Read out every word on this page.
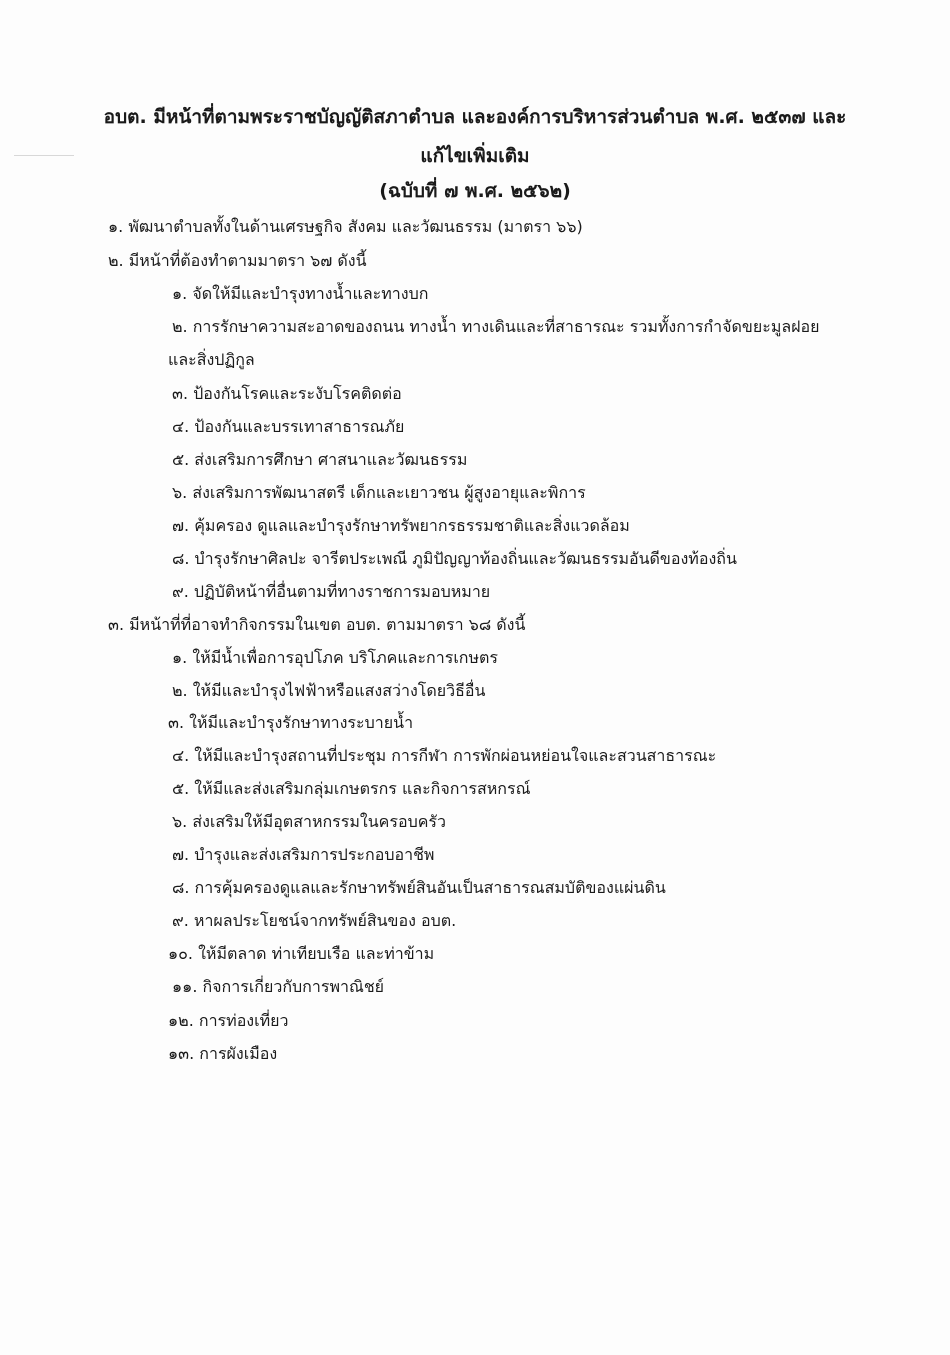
อบต. มีหน้าที่ตามพระราชบัญญัติสภาตำบล และองค์การบริหารส่วนตำบล พ.ศ. ๒๕๓๗ และ
แก้ไขเพิ่มเติม
(ฉบับที่ ๗ พ.ศ. ๒๕๖๒)
๑. พัฒนาตำบลทั้งในด้านเศรษฐกิจ สังคม และวัฒนธรรม (มาตรา ๖๖)
๒. มีหน้าที่ต้องทำตามมาตรา ๖๗ ดังนี้
๑. จัดให้มีและบำรุงทางน้ำและทางบก
๒. การรักษาความสะอาดของถนน ทางน้ำ ทางเดินและที่สาธารณะ รวมทั้งการกำจัดขยะมูลฝอย
และสิ่งปฏิกูล
๓. ป้องกันโรคและระงับโรคติดต่อ
๔. ป้องกันและบรรเทาสาธารณภัย
๕. ส่งเสริมการศึกษา ศาสนาและวัฒนธรรม
๖. ส่งเสริมการพัฒนาสตรี เด็กและเยาวชน ผู้สูงอายุและพิการ
๗. คุ้มครอง ดูแลและบำรุงรักษาทรัพยากรธรรมชาติและสิ่งแวดล้อม
๘. บำรุงรักษาศิลปะ จารีตประเพณี ภูมิปัญญาท้องถิ่นและวัฒนธรรมอันดีของท้องถิ่น
๙. ปฏิบัติหน้าที่อื่นตามที่ทางราชการมอบหมาย
๓. มีหน้าที่ที่อาจทำกิจกรรมในเขต อบต. ตามมาตรา ๖๘ ดังนี้
๑. ให้มีน้ำเพื่อการอุปโภค บริโภคและการเกษตร
๒. ให้มีและบำรุงไฟฟ้าหรือแสงสว่างโดยวิธีอื่น
๓. ให้มีและบำรุงรักษาทางระบายน้ำ
๔. ให้มีและบำรุงสถานที่ประชุม การกีฬา การพักผ่อนหย่อนใจและสวนสาธารณะ
๕. ให้มีและส่งเสริมกลุ่มเกษตรกร และกิจการสหกรณ์
๖. ส่งเสริมให้มีอุตสาหกรรมในครอบครัว
๗. บำรุงและส่งเสริมการประกอบอาชีพ
๘. การคุ้มครองดูแลและรักษาทรัพย์สินอันเป็นสาธารณสมบัติของแผ่นดิน
๙. หาผลประโยชน์จากทรัพย์สินของ อบต.
๑๐. ให้มีตลาด ท่าเทียบเรือ และท่าข้าม
๑๑. กิจการเกี่ยวกับการพาณิชย์
๑๒. การท่องเที่ยว
๑๓. การผังเมือง
